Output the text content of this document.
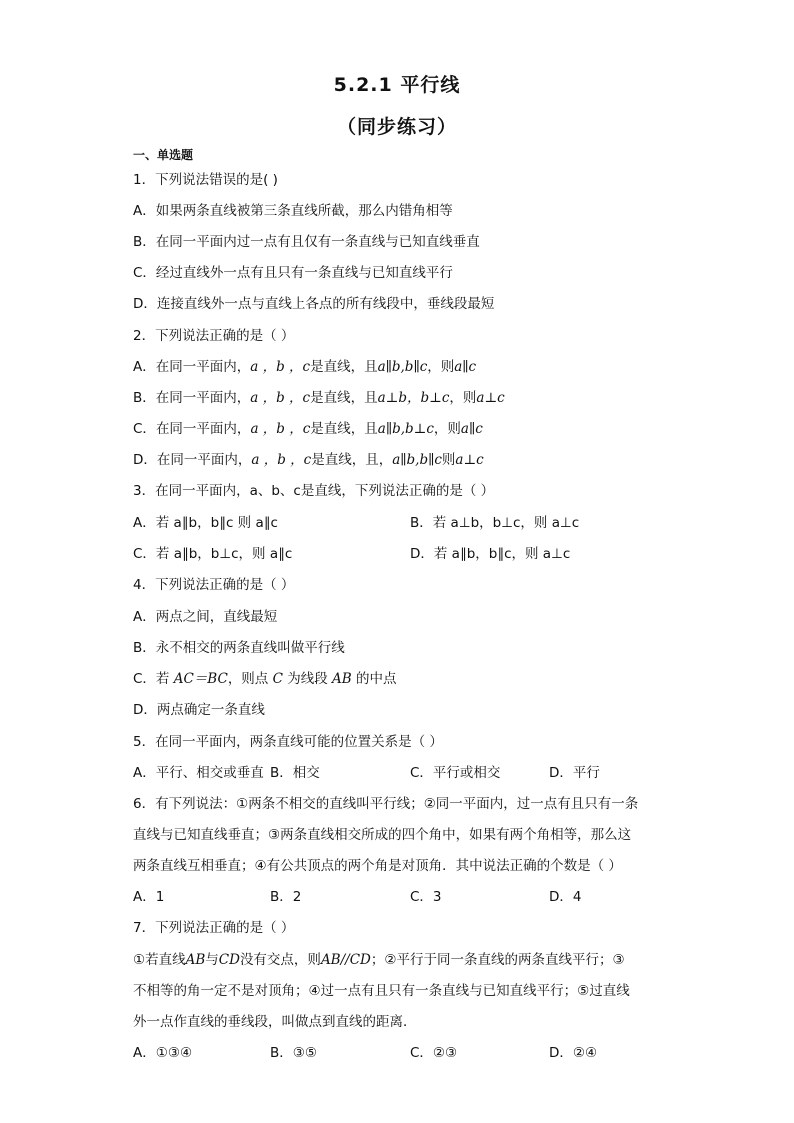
5.2.1 平行线
（同步练习）
一、单选题
1．下列说法错误的是( )
A．如果两条直线被第三条直线所截，那么内错角相等
B．在同一平面内过一点有且仅有一条直线与已知直线垂直
C．经过直线外一点有且只有一条直线与已知直线平行
D．连接直线外一点与直线上各点的所有线段中，垂线段最短
2．下列说法正确的是（ ）
A．在同一平面内，a ，b ，c是直线，且a∥b,b∥c，则a∥c
B．在同一平面内，a ，b ，c是直线，且a⊥b，b⊥c，则a⊥c
C．在同一平面内，a ，b ，c是直线，且a∥b,b⊥c，则a∥c
D．在同一平面内，a ，b ，c是直线，且，a∥b,b∥c则a⊥c
3．在同一平面内，a、b、c是直线，下列说法正确的是（ ）
A．若 a∥b，b∥c 则 a∥c	B．若 a⊥b，b⊥c，则 a⊥c
C．若 a∥b，b⊥c，则 a∥c	D．若 a∥b，b∥c，则 a⊥c
4．下列说法正确的是（ ）
A．两点之间，直线最短
B．永不相交的两条直线叫做平行线
C．若 AC＝BC，则点 C 为线段 AB 的中点
D．两点确定一条直线
5．在同一平面内，两条直线可能的位置关系是（ ）
A．平行、相交或垂直 B．相交	C．平行或相交	D．平行
6．有下列说法：①两条不相交的直线叫平行线；②同一平面内，过一点有且只有一条
直线与已知直线垂直；③两条直线相交所成的四个角中，如果有两个角相等，那么这
两条直线互相垂直；④有公共顶点的两个角是对顶角．其中说法正确的个数是（ ）
A．1	B．2	C．3	D．4
7．下列说法正确的是（ ）
①若直线AB与CD没有交点，则AB//CD；②平行于同一条直线的两条直线平行；③
不相等的角一定不是对顶角；④过一点有且只有一条直线与已知直线平行；⑤过直线
外一点作直线的垂线段，叫做点到直线的距离．
A．①③④	B．③⑤	C．②③	D．②④
